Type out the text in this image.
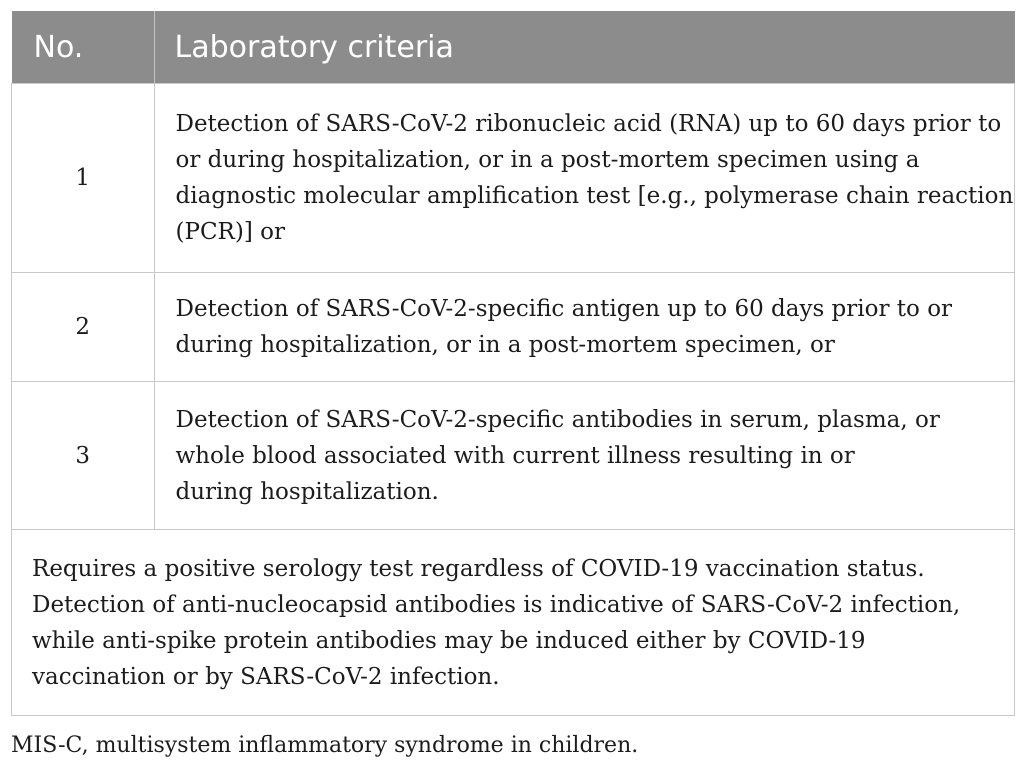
No.	Laboratory criteria
1	Detection of SARS-CoV-2 ribonucleic acid (RNA) up to 60 days prior to
or during hospitalization, or in a post-mortem specimen using a
diagnostic molecular amplification test [e.g., polymerase chain reaction
(PCR)] or

2	Detection of SARS-CoV-2-specific antigen up to 60 days prior to or
during hospitalization, or in a post-mortem specimen, or

3	Detection of SARS-CoV-2-specific antibodies in serum, plasma, or
whole blood associated with current illness resulting in or
during hospitalization.

Requires a positive serology test regardless of COVID-19 vaccination status.
Detection of anti-nucleocapsid antibodies is indicative of SARS-CoV-2 infection,
while anti-spike protein antibodies may be induced either by COVID-19
vaccination or by SARS-CoV-2 infection.	
MIS-C, multisystem inflammatory syndrome in children.
